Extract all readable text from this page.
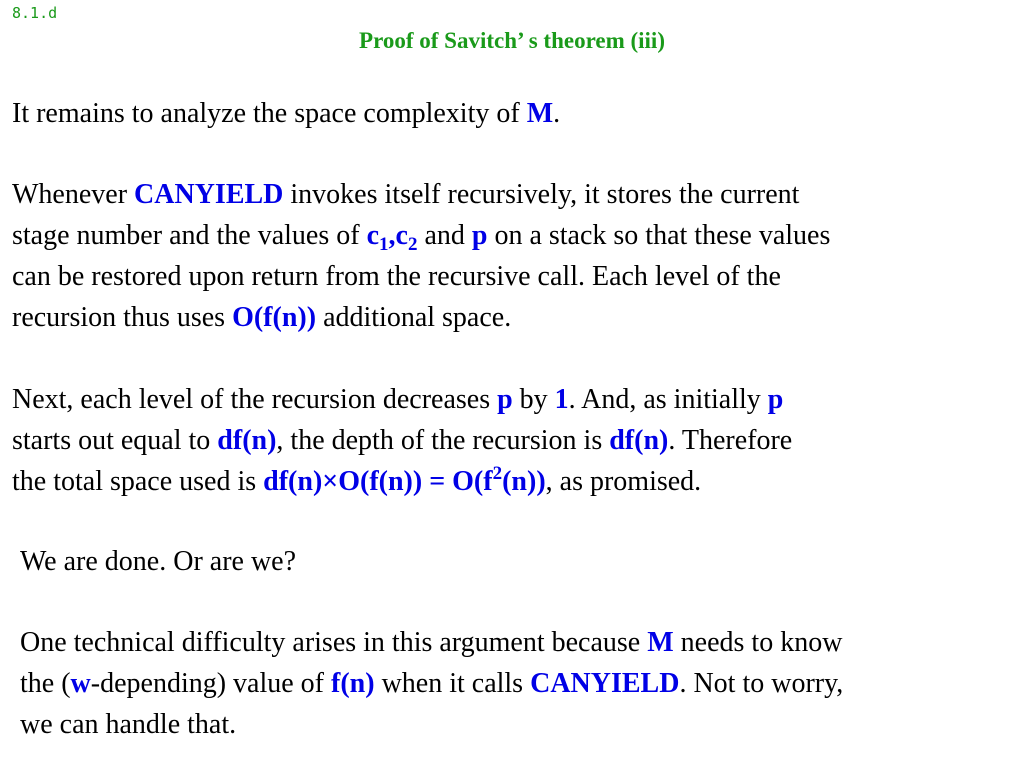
8.1.d
Proof of Savitch’ s theorem (iii)

It remains to analyze the space complexity of M.

Whenever CANYIELD invokes itself recursively, it stores the current
stage number and the values of $c_1,c_2$ and p on a stack so that these values
can be restored upon return from the recursive call. Each level of the
recursion thus uses O(f(n)) additional space.

Next, each level of the recursion decreases p by 1. And, as initially p
starts out equal to df(n), the depth of the recursion is df(n). Therefore
the total space used is $df(n)\times O(f(n)) = O(f^2(n))$, as promised.

We are done. Or are we?

One technical difficulty arises in this argument because M needs to know
the (w-depending) value of f(n) when it calls CANYIELD. Not to worry,
we can handle that.
